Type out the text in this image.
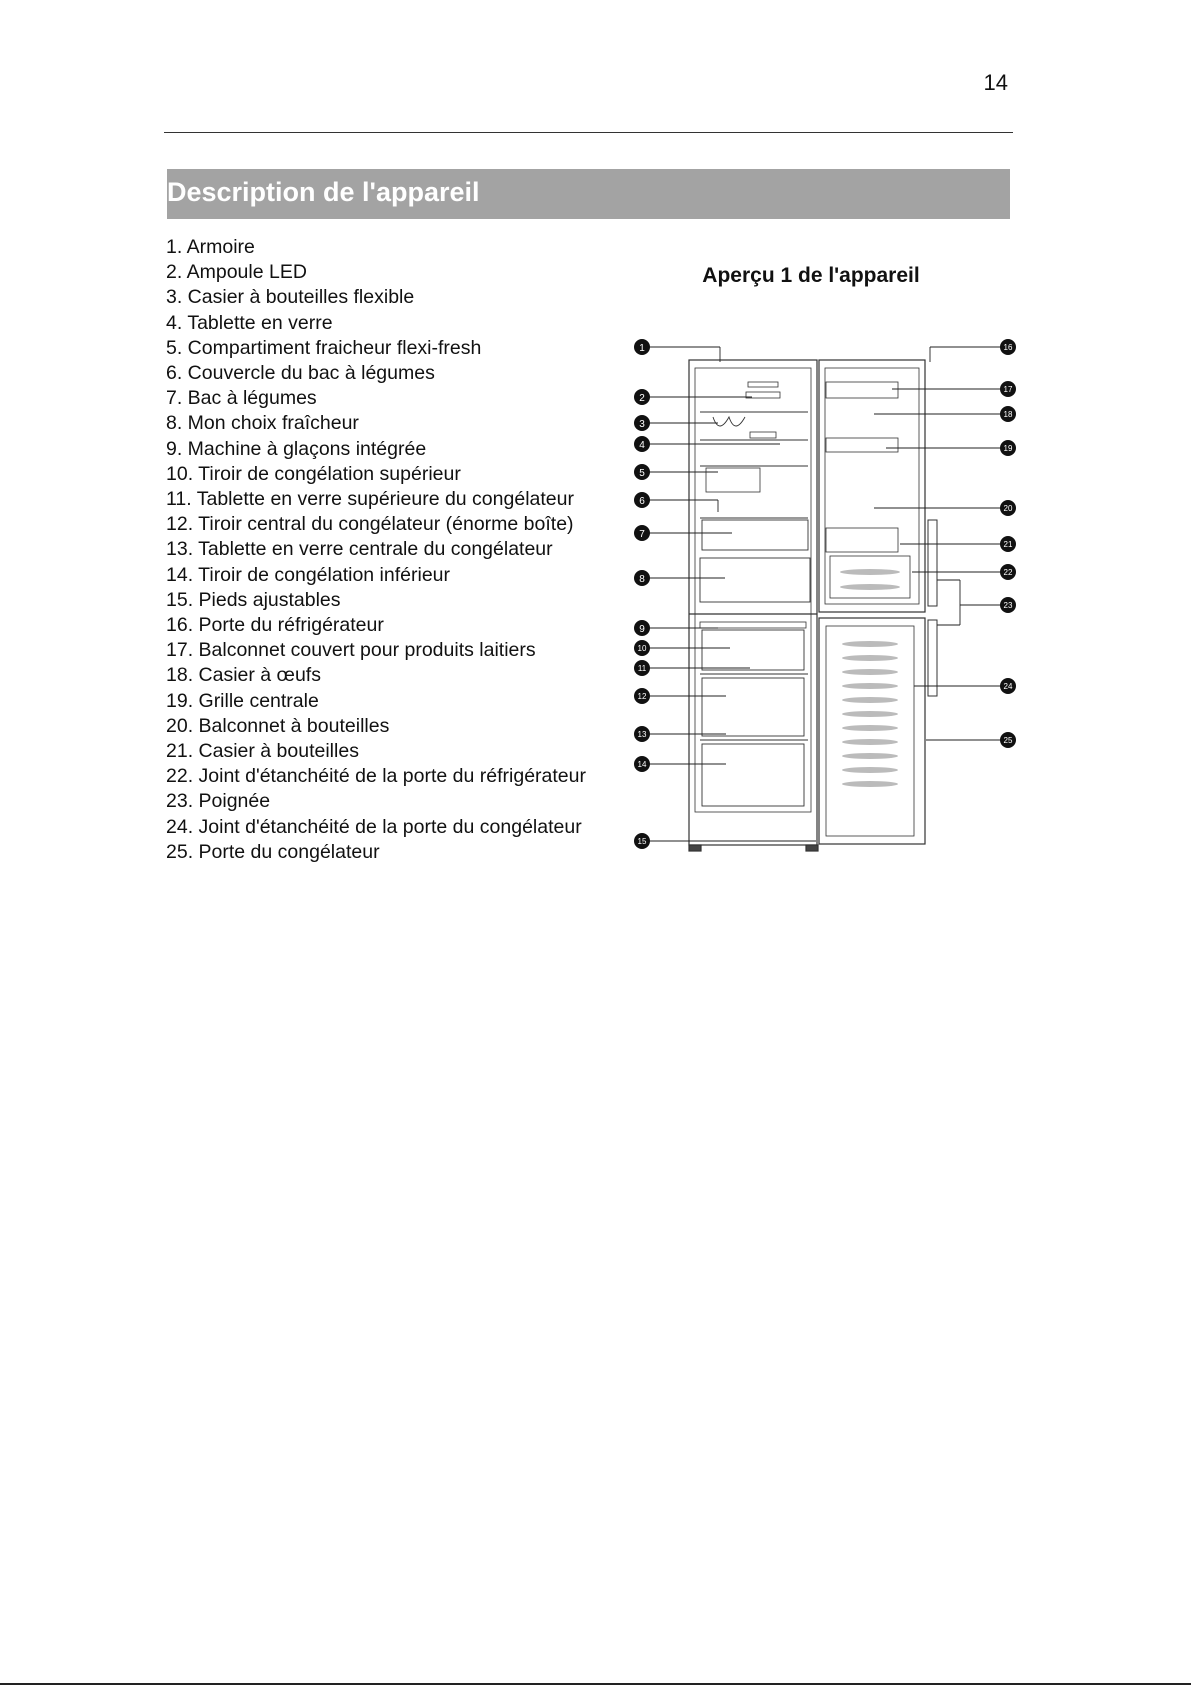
14
Description de l'appareil
1. Armoire
2. Ampoule LED
3. Casier à bouteilles flexible
4. Tablette en verre
5. Compartiment fraicheur flexi-fresh
6. Couvercle du bac à légumes
7. Bac à légumes
8. Mon choix fraîcheur
9. Machine à glaçons intégrée
10. Tiroir de congélation supérieur
11. Tablette en verre supérieure du congélateur
12. Tiroir central du congélateur (énorme boîte)
13. Tablette en verre centrale du congélateur
14. Tiroir de congélation inférieur
15. Pieds ajustables
16. Porte du réfrigérateur
17. Balconnet couvert pour produits laitiers
18. Casier à œufs
19. Grille centrale
20. Balconnet à bouteilles
21. Casier à bouteilles
22. Joint d'étanchéité de la porte du réfrigérateur
23. Poignée
24. Joint d'étanchéité de la porte du congélateur
25. Porte du congélateur
Aperçu 1 de l'appareil
1
2
3
4
5
6
7
8
9
10
11
12
13
14
15
16
17
18
19
20
21
22
23
24
25
